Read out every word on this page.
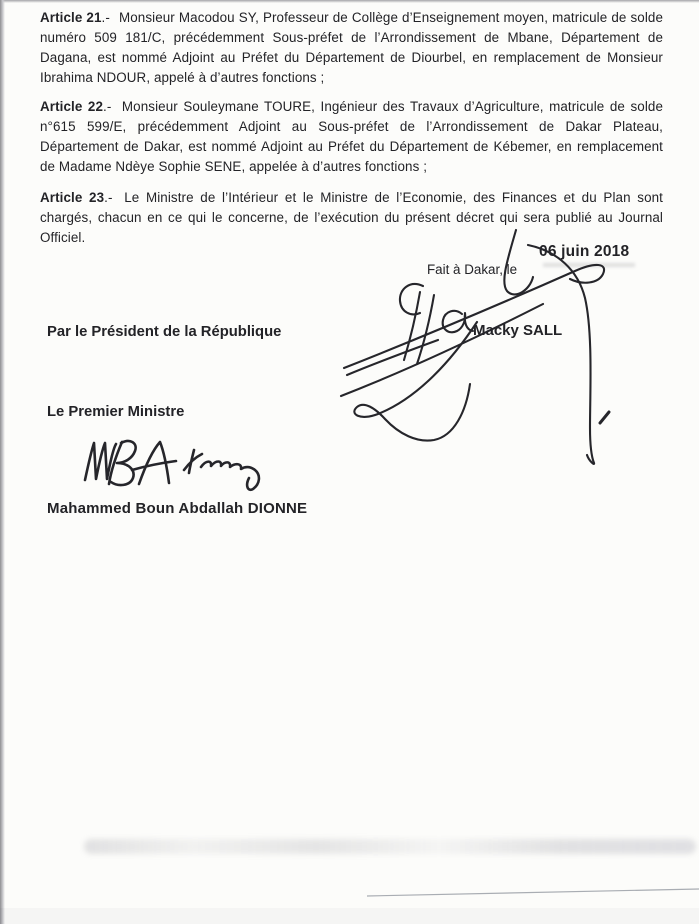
Article 21.- Monsieur Macodou SY, Professeur de Collège d’Enseignement moyen, matricule de solde numéro 509 181/C, précédemment Sous-préfet de l’Arrondissement de Mbane, Département de Dagana, est nommé Adjoint au Préfet du Département de Diourbel, en remplacement de Monsieur Ibrahima NDOUR, appelé à d’autres fonctions ;

Article 22.- Monsieur Souleymane TOURE, Ingénieur des Travaux d’Agriculture, matricule de solde n°615 599/E, précédemment Adjoint au Sous-préfet de l’Arrondissement de Dakar Plateau, Département de Dakar, est nommé Adjoint au Préfet du Département de Kébemer, en remplacement de Madame Ndèye Sophie SENE, appelée à d’autres fonctions ;

Article 23.- Le Ministre de l’Intérieur et le Ministre de l’Economie, des Finances et du Plan sont chargés, chacun en ce qui le concerne, de l’exécution du présent décret qui sera publié au Journal Officiel.

06 juin 2018
Fait à Dakar, le
Macky SALL
Par le Président de la République
Le Premier Ministre
Mahammed Boun Abdallah DIONNE
